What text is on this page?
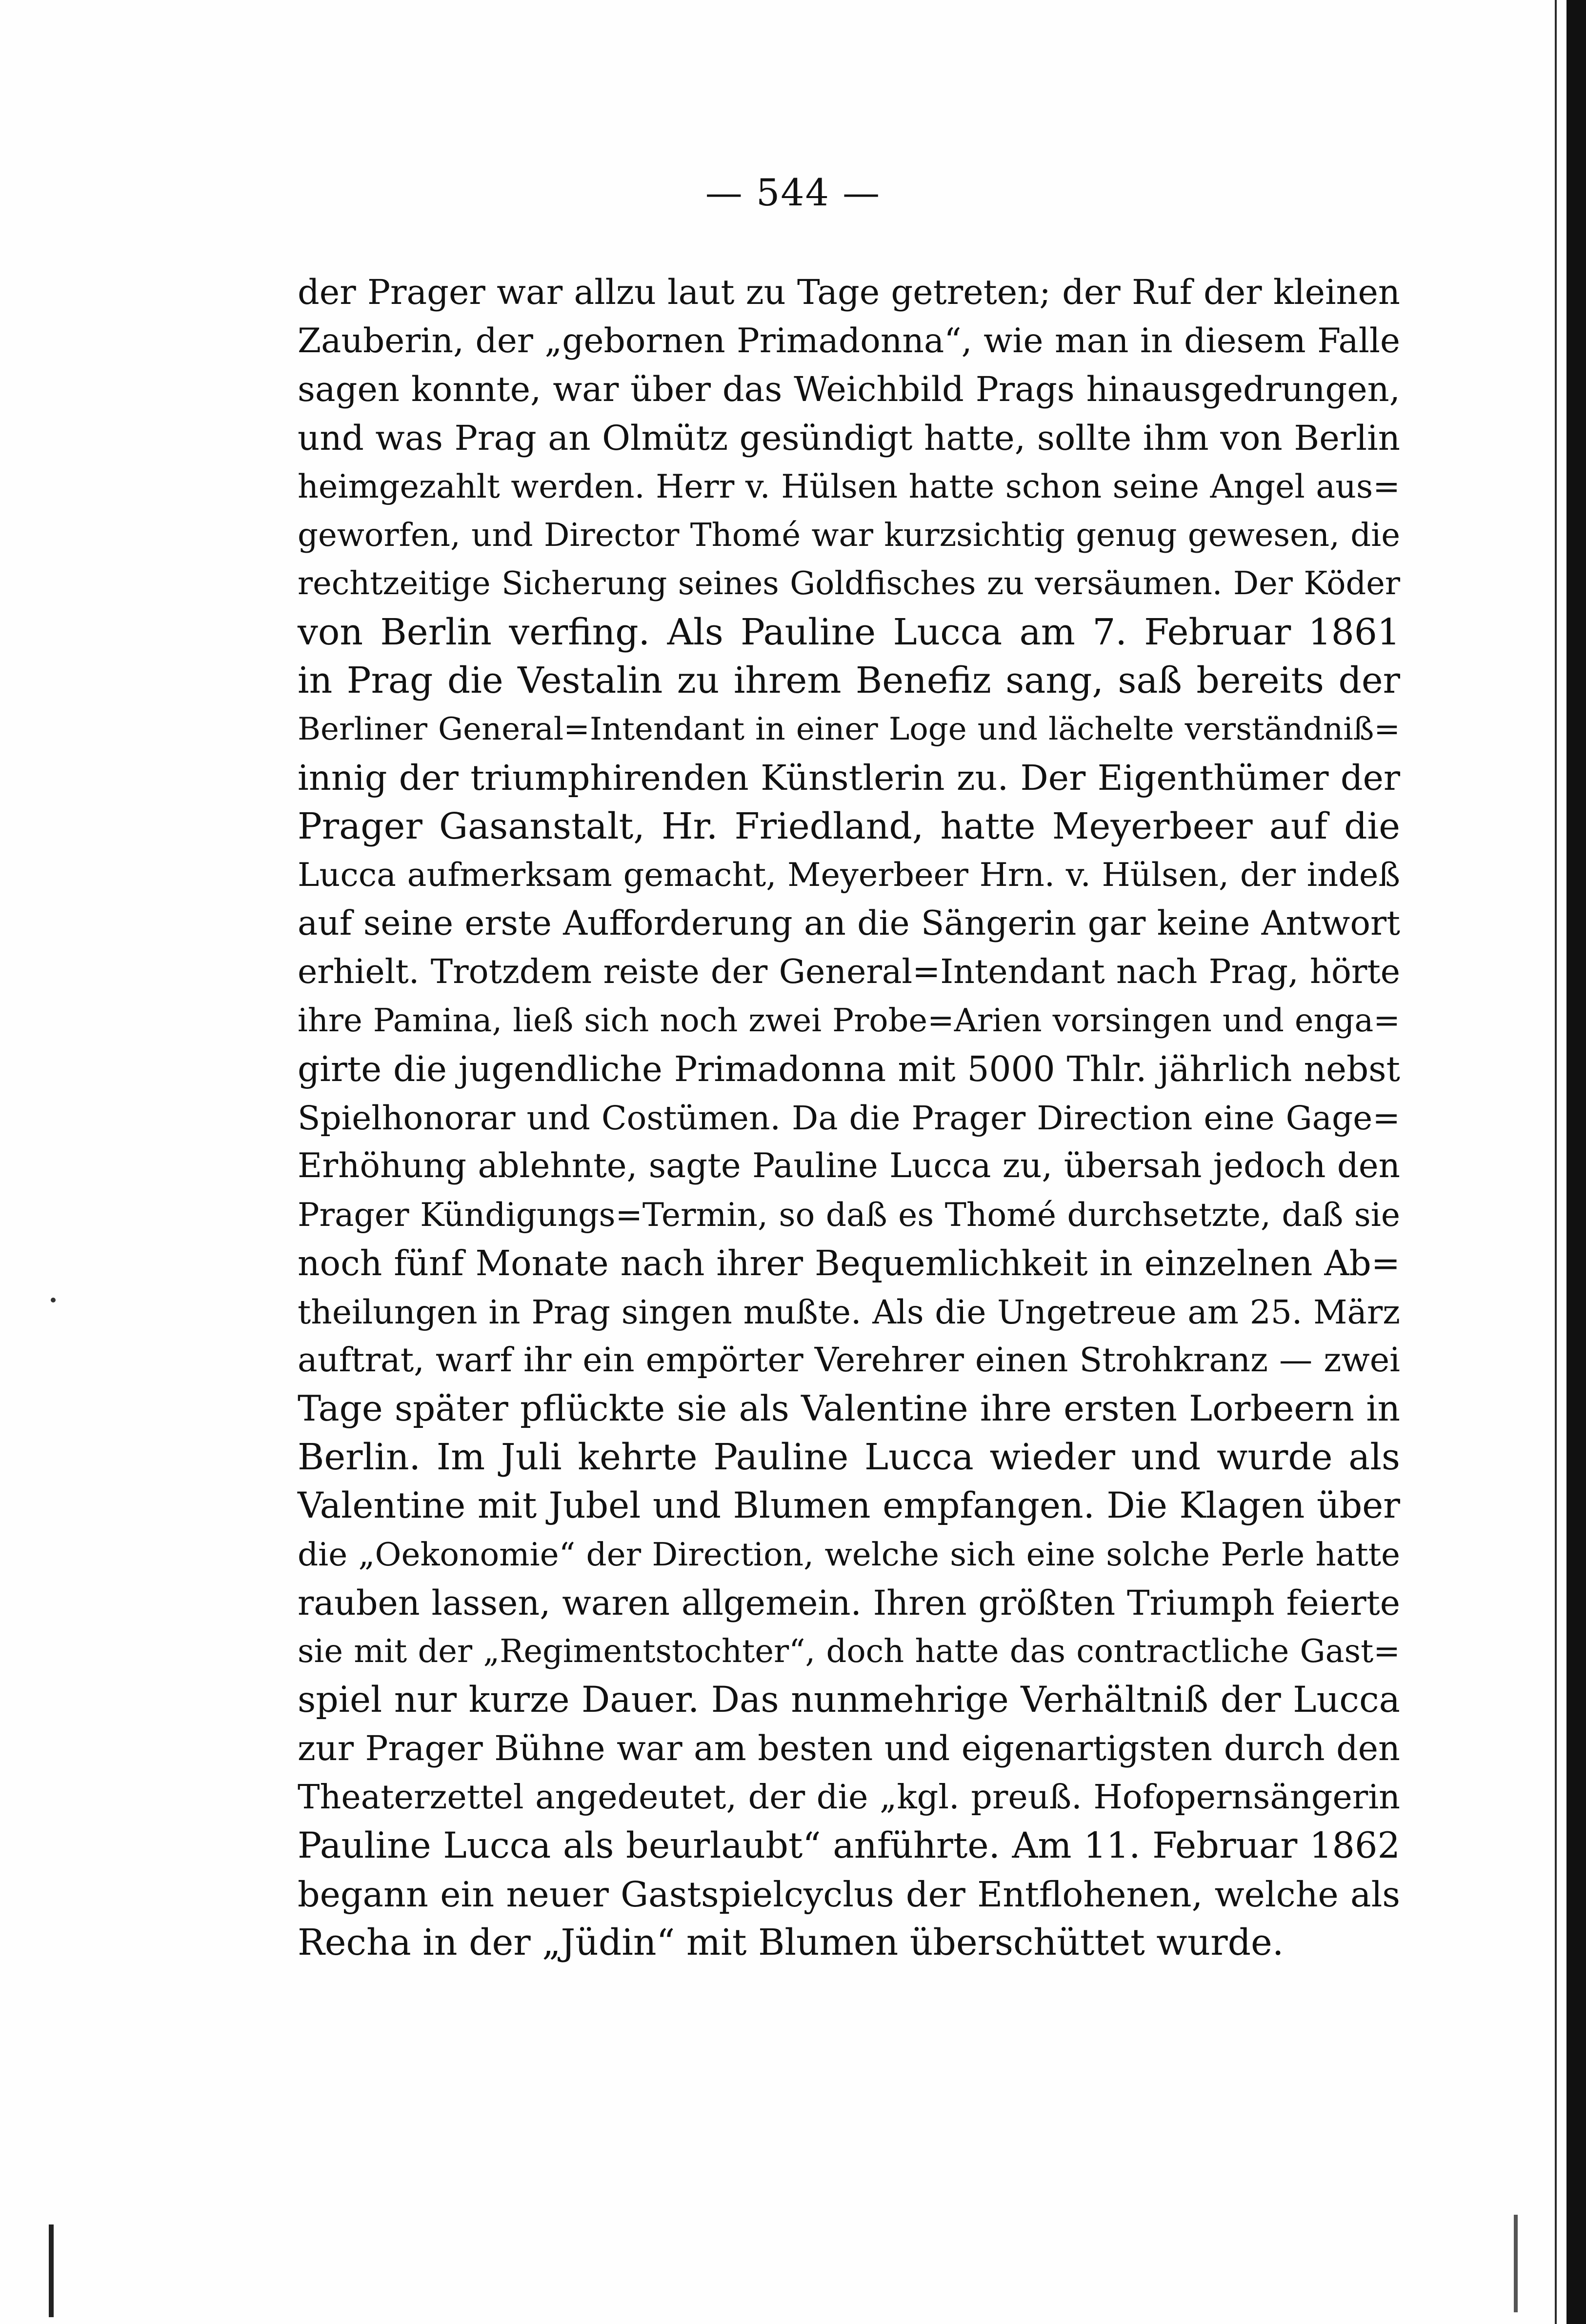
— 544 —
der Prager war allzu laut zu Tage getreten; der Ruf der kleinen
Zauberin, der „gebornen Primadonna“, wie man in diesem Falle
sagen konnte, war über das Weichbild Prags hinausgedrungen,
und was Prag an Olmütz gesündigt hatte, sollte ihm von Berlin
heimgezahlt werden. Herr v. Hülsen hatte schon seine Angel aus=
geworfen, und Director Thomé war kurzsichtig genug gewesen, die
rechtzeitige Sicherung seines Goldfisches zu versäumen. Der Köder
von Berlin verfing. Als Pauline Lucca am 7. Februar 1861
in Prag die Vestalin zu ihrem Benefiz sang, saß bereits der
Berliner General=Intendant in einer Loge und lächelte verständniß=
innig der triumphirenden Künstlerin zu. Der Eigenthümer der
Prager Gasanstalt, Hr. Friedland, hatte Meyerbeer auf die
Lucca aufmerksam gemacht, Meyerbeer Hrn. v. Hülsen, der indeß
auf seine erste Aufforderung an die Sängerin gar keine Antwort
erhielt. Trotzdem reiste der General=Intendant nach Prag, hörte
ihre Pamina, ließ sich noch zwei Probe=Arien vorsingen und enga=
girte die jugendliche Primadonna mit 5000 Thlr. jährlich nebst
Spielhonorar und Costümen. Da die Prager Direction eine Gage=
Erhöhung ablehnte, sagte Pauline Lucca zu, übersah jedoch den
Prager Kündigungs=Termin, so daß es Thomé durchsetzte, daß sie
noch fünf Monate nach ihrer Bequemlichkeit in einzelnen Ab=
theilungen in Prag singen mußte. Als die Ungetreue am 25. März
auftrat, warf ihr ein empörter Verehrer einen Strohkranz — zwei
Tage später pflückte sie als Valentine ihre ersten Lorbeern in
Berlin. Im Juli kehrte Pauline Lucca wieder und wurde als
Valentine mit Jubel und Blumen empfangen. Die Klagen über
die „Oekonomie“ der Direction, welche sich eine solche Perle hatte
rauben lassen, waren allgemein. Ihren größten Triumph feierte
sie mit der „Regimentstochter“, doch hatte das contractliche Gast=
spiel nur kurze Dauer. Das nunmehrige Verhältniß der Lucca
zur Prager Bühne war am besten und eigenartigsten durch den
Theaterzettel angedeutet, der die „kgl. preuß. Hofopernsängerin
Pauline Lucca als beurlaubt“ anführte. Am 11. Februar 1862
begann ein neuer Gastspielcyclus der Entflohenen, welche als
Recha in der „Jüdin“ mit Blumen überschüttet wurde.
